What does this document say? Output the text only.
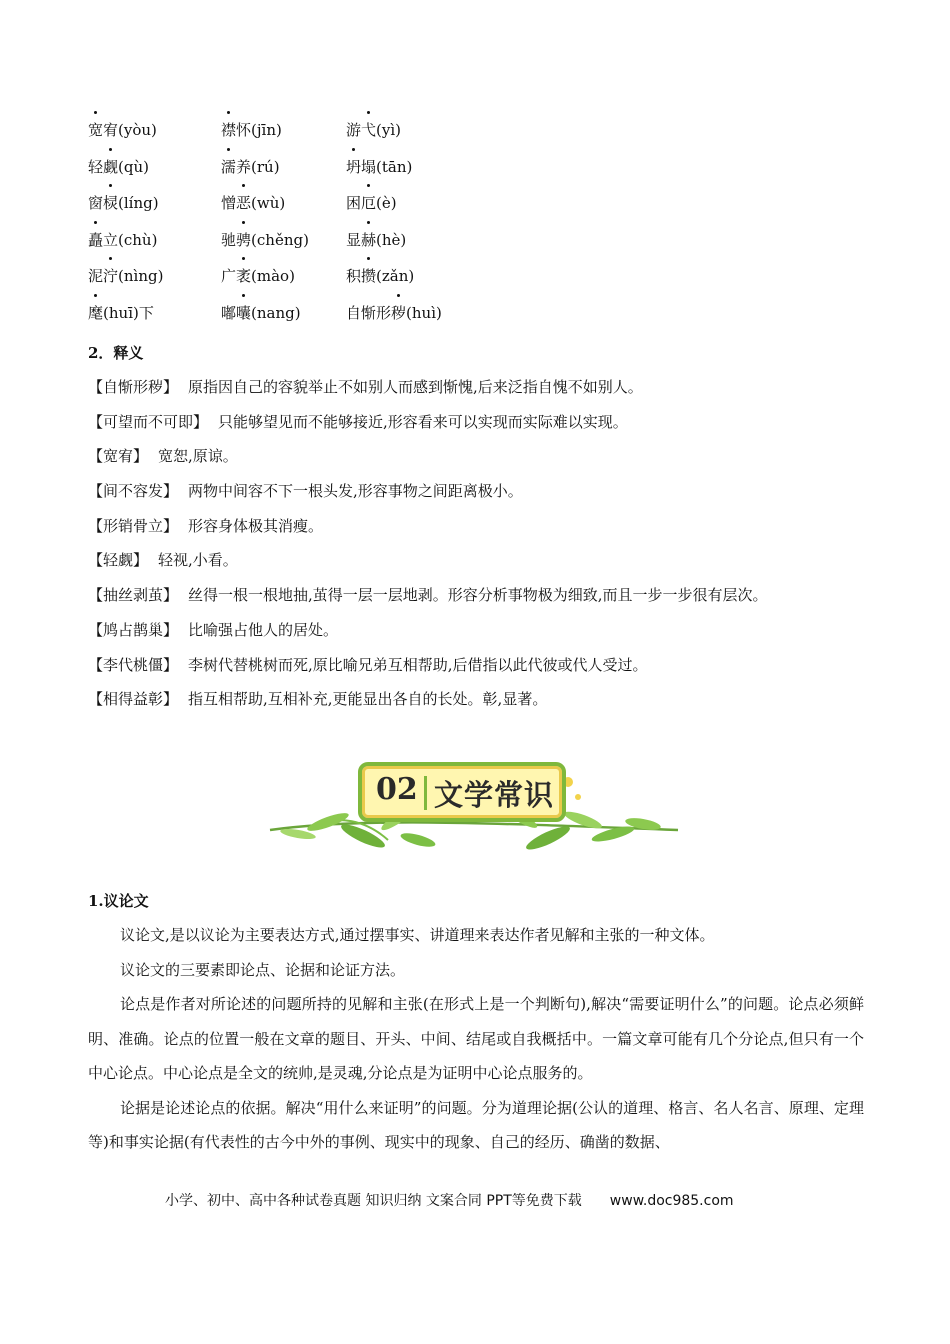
宽宥(yòu)	襟怀(jīn)	游弋(yì)
轻觑(qù)	濡养(rú)	坍塌(tān)
窗棂(líng)	憎恶(wù)	困厄(è)
矗立(chù)	驰骋(chěng) 显赫(hè)
泥泞(nìng)	广袤(mào)	积攒(zǎn)
麾(huī)下	嘟囔(nang)	自惭形秽(huì)
2．释义
【自惭形秽】 原指因自己的容貌举止不如别人而感到惭愧,后来泛指自愧不如别人。
【可望而不可即】 只能够望见而不能够接近,形容看来可以实现而实际难以实现。
【宽宥】 宽恕,原谅。
【间不容发】 两物中间容不下一根头发,形容事物之间距离极小。
【形销骨立】 形容身体极其消瘦。
【轻觑】 轻视,小看。
【抽丝剥茧】 丝得一根一根地抽,茧得一层一层地剥。形容分析事物极为细致,而且一步一步很有层次。
【鸠占鹊巢】 比喻强占他人的居处。
【李代桃僵】 李树代替桃树而死,原比喻兄弟互相帮助,后借指以此代彼或代人受过。
【相得益彰】 指互相帮助,互相补充,更能显出各自的长处。彰,显著。
02 文学常识
1.议论文

议论文,是以议论为主要表达方式,通过摆事实、讲道理来表达作者见解和主张的一种文体。

议论文的三要素即论点、论据和论证方法。

论点是作者对所论述的问题所持的见解和主张(在形式上是一个判断句),解决“需要证明什么”的问题。论点必须鲜明、准确。论点的位置一般在文章的题目、开头、中间、结尾或自我概括中。一篇文章可能有几个分论点,但只有一个中心论点。中心论点是全文的统帅,是灵魂,分论点是为证明中心论点服务的。

论据是论述论点的依据。解决“用什么来证明”的问题。分为道理论据(公认的道理、格言、名人名言、原理、定理等)和事实论据(有代表性的古今中外的事例、现实中的现象、自己的经历、确凿的数据、

小学、初中、高中各种试卷真题 知识归纳 文案合同 PPT等免费下载 www.doc985.com
